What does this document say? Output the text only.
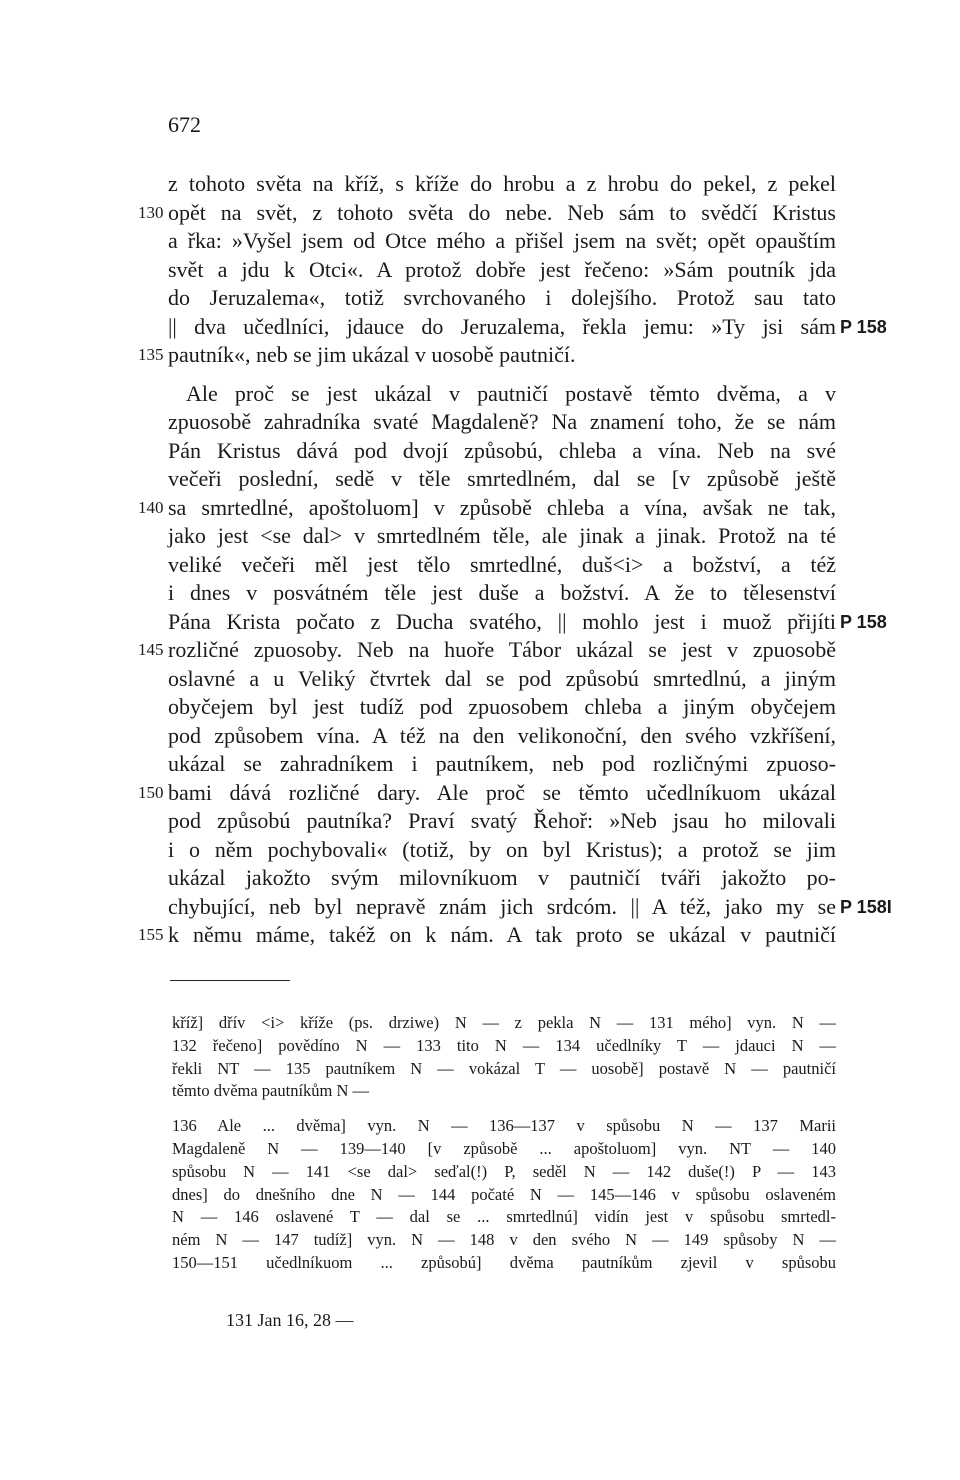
672
z tohoto světa na kříž, s kříže do hrobu a z hrobu do pekel, z pekel
130 opět na svět, z tohoto světa do nebe. Neb sám to svědčí Kristus
a řka: »Vyšel jsem od Otce mého a přišel jsem na svět; opět opauštím
svět a jdu k Otci«. A protož dobře jest řečeno: »Sám poutník jda
do Jeruzalema«, totiž svrchovaného i dolejšího. Protož sau tato
|| dva učedlníci, jdauce do Jeruzalema, řekla jemu: »Ty jsi sám P 158
135 pautník«, neb se jim ukázal v uosobě pautničí.
Ale proč se jest ukázal v pautničí postavě těmto dvěma, a v
zpuosobě zahradníka svaté Magdaleně? Na znamení toho, že se nám
Pán Kristus dává pod dvojí způsobú, chleba a vína. Neb na své
večeři poslední, sedě v těle smrtedlném, dal se [v způsobě ještě
140 sa smrtedlné, apoštoluom] v způsobě chleba a vína, avšak ne tak,
jako jest <se dal> v smrtedlném těle, ale jinak a jinak. Protož na té
veliké večeři měl jest tělo smrtedlné, duš<i> a božství, a též
i dnes v posvátném těle jest duše a božství. A že to tělesenství
Pána Krista počato z Ducha svatého, || mohlo jest i muož přijíti P 158
145 rozličné zpuosoby. Neb na huoře Tábor ukázal se jest v zpuosobě
oslavné a u Veliký čtvrtek dal se pod způsobú smrtedlnú, a jiným
obyčejem byl jest tudíž pod zpuosobem chleba a jiným obyčejem
pod způsobem vína. A též na den velikonoční, den svého vzkříšení,
ukázal se zahradníkem i pautníkem, neb pod rozličnými zpuoso-
150 bami dává rozličné dary. Ale proč se těmto učedlníkuom ukázal
pod způsobú pautníka? Praví svatý Řehoř: »Neb jsau ho milovali
i o něm pochybovali« (totiž, by on byl Kristus); a protož se jim
ukázal jakožto svým milovníkuom v pautničí tváři jakožto po-
chybující, neb byl nepravě znám jich srdcóm. || A též, jako my se P 158I
155 k němu máme, takéž on k nám. A tak proto se ukázal v pautničí
kříž] dřív <i> kříže (ps. drziwe) N — z pekla N — 131 mého] vyn. N —
132 řečeno] povědíno N — 133 tito N — 134 učedlníky T — jdauci N —
řekli NT — 135 pautníkem N — vokázal T — uosobě] postavě N — pautničí
těmto dvěma pautníkům N —
136 Ale ... dvěma] vyn. N — 136—137 v spůsobu N — 137 Marii
Magdaleně N — 139—140 [v způsobě ... apoštoluom] vyn. NT — 140
spůsobu N — 141 <se dal> seďal(!) P, seděl N — 142 duše(!) P — 143
dnes] do dnešního dne N — 144 počaté N — 145—146 v spůsobu oslaveném
N — 146 oslavené T — dal se ... smrtedlnú] vidín jest v spůsobu smrtedl-
ném N — 147 tudíž] vyn. N — 148 v den svého N — 149 spůsoby N —
150—151 učedlníkuom ... způsobú] dvěma pautníkům zjevil v spůsobu
131 Jan 16, 28 —
